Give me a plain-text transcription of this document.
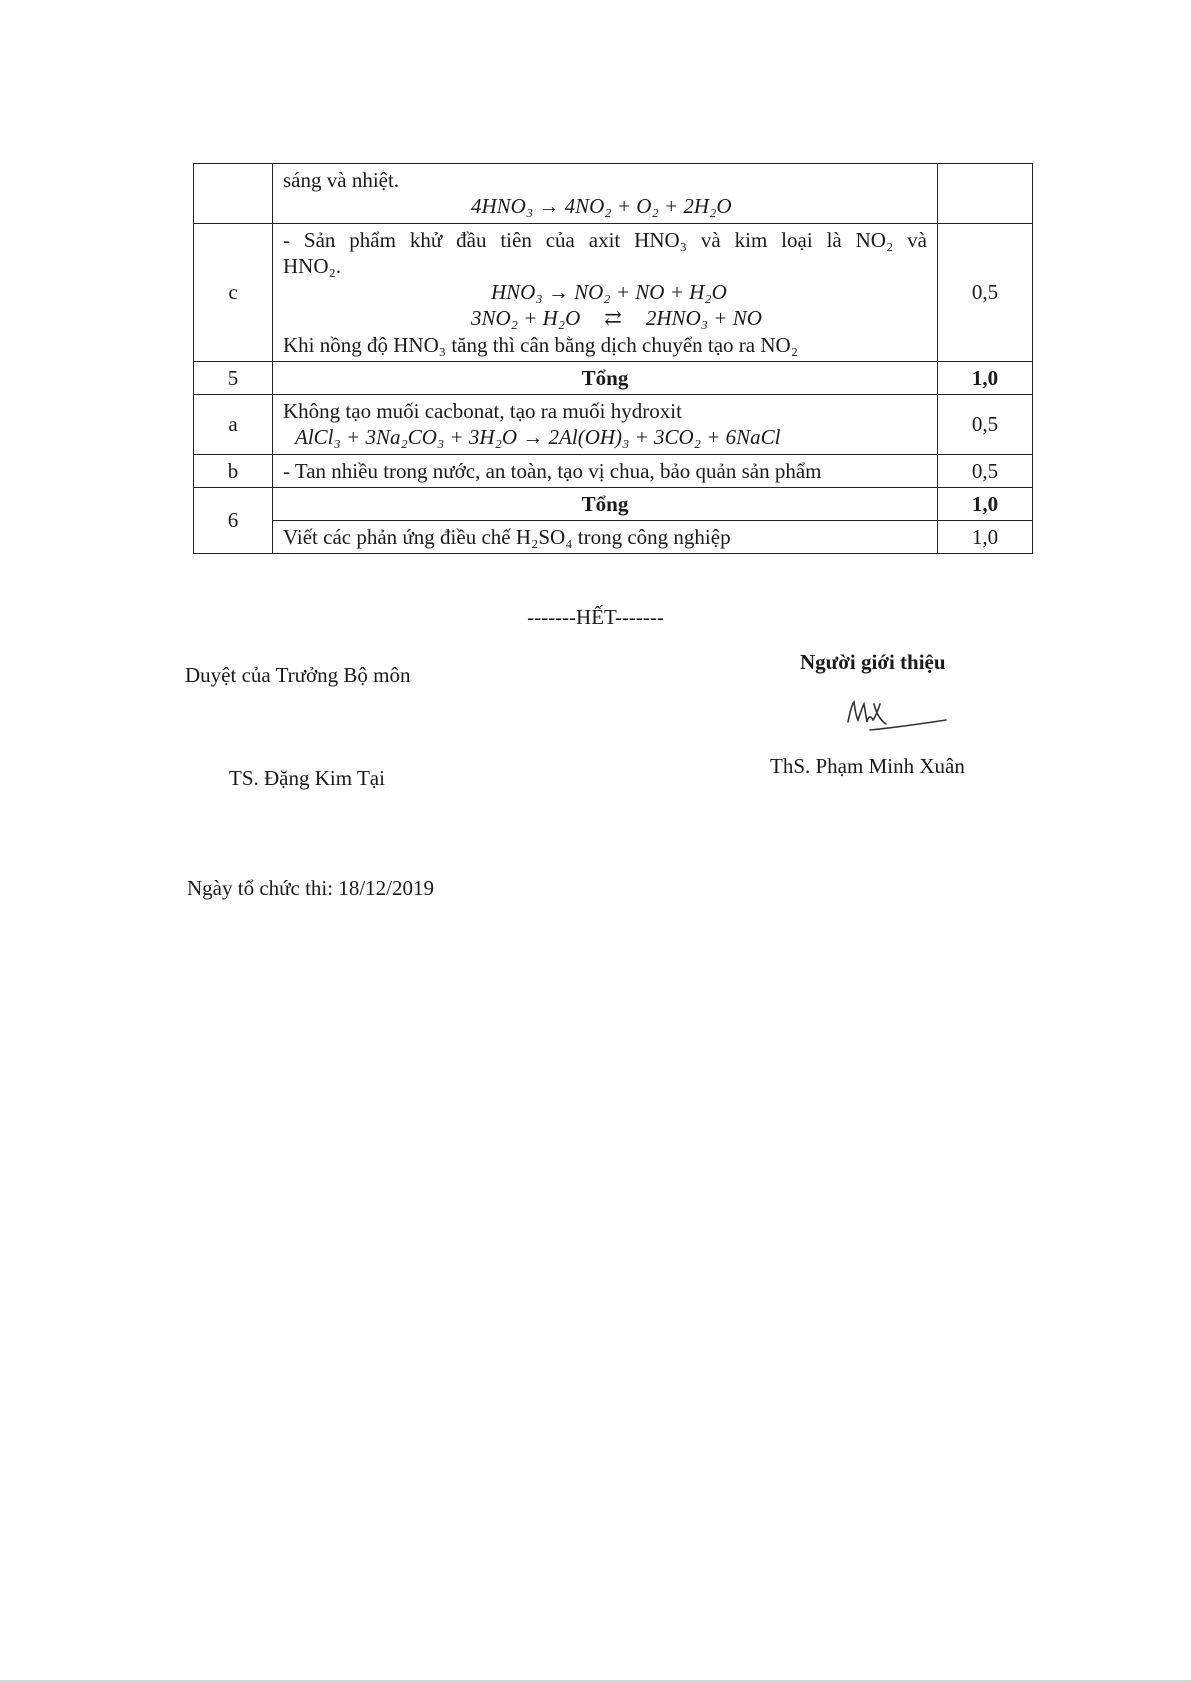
	sáng và nhiệt.
4HNO₃ → 4NO₂ + O₂ + 2H₂O	

c	- Sản phẩm khử đầu tiên của axit HNO₃ và kim loại là NO₂ và
HNO₂.
HNO₃ → NO₂ + NO + H₂O
3NO₂ + H₂O ⇄ 2HNO₃ + NO
Khi nồng độ HNO₃ tăng thì cân bằng dịch chuyển tạo ra NO₂	0,5
5	Tổng	1,0
a	Không tạo muối cacbonat, tạo ra muối hydroxit
AlCl₃ + 3Na₂CO₃ + 3H₂O → 2Al(OH)₃ + 3CO₂ + 6NaCl	0,5
b	- Tan nhiều trong nước, an toàn, tạo vị chua, bảo quản sản phẩm	0,5
6	Tổng	1,0
	Viết các phản ứng điều chế H₂SO₄ trong công nghiệp	1,0
-------HẾT-------
Duyệt của Trưởng Bộ môn
Người giới thiệu
TS. Đặng Kim Tại	ThS. Phạm Minh Xuân
Ngày tổ chức thi: 18/12/2019
